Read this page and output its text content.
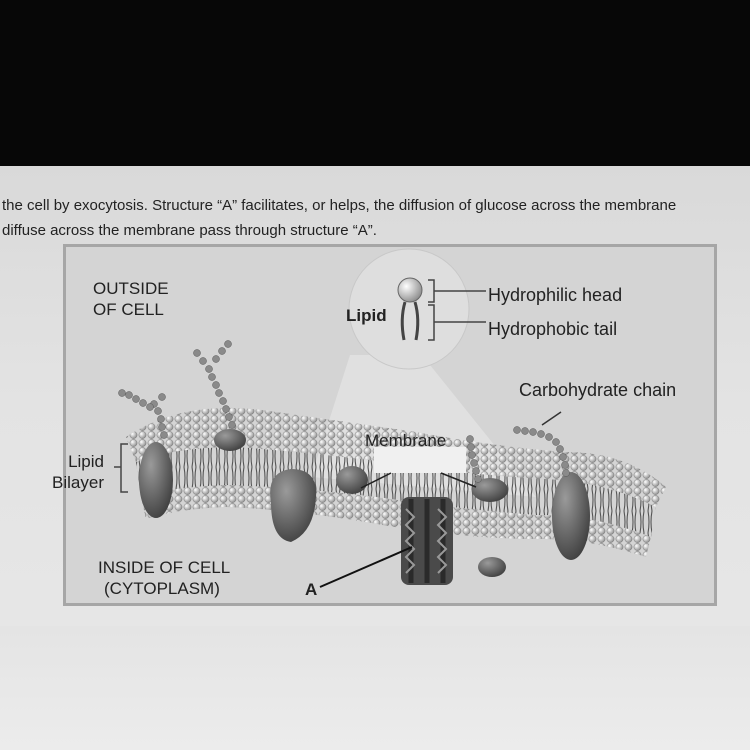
the cell by exocytosis. Structure “A” facilitates, or helps, the diffusion of glucose across the membrane
diffuse across the membrane pass through structure “A”.
OUTSIDE
OF CELL	Lipid
Hydrophilic head
Hydrophobic tail
Carbohydrate chain
Membrane
Lipid
Bilayer
INSIDE OF CELL
(CYTOPLASM)	A
